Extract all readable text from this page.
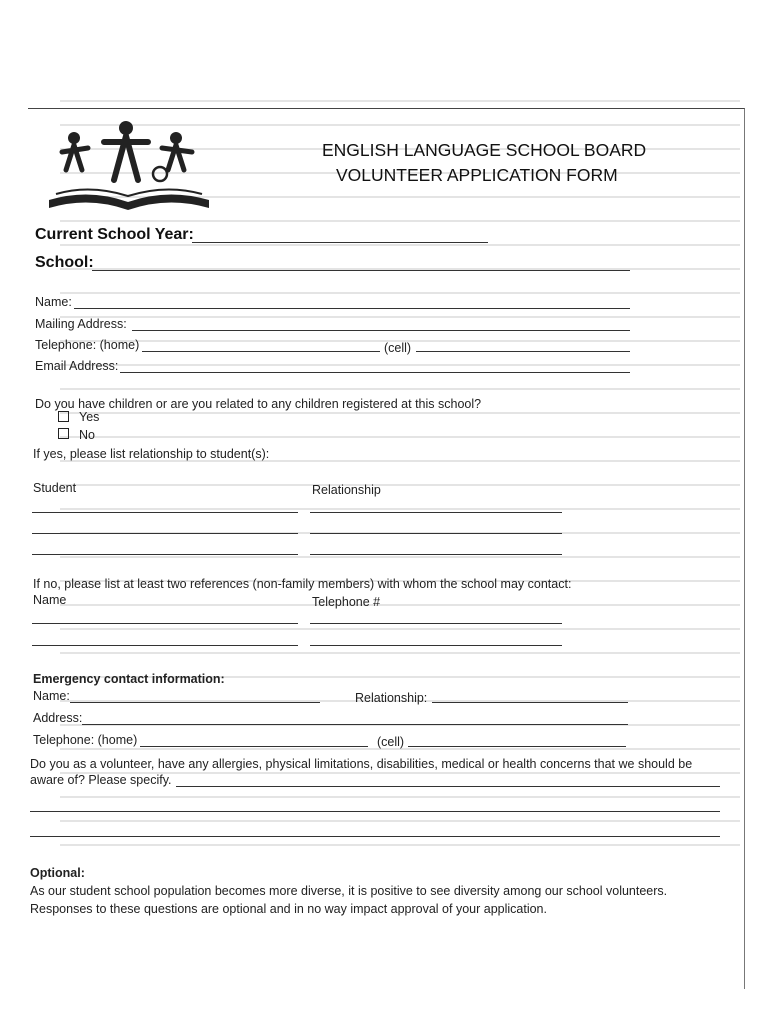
ENGLISH LANGUAGE SCHOOL BOARD
VOLUNTEER APPLICATION FORM
Current School Year:
School:
Name:
Mailing Address:
Telephone: (home)	(cell)
Email Address:
Do you have children or are you related to any children registered at this school?
Yes
No
If yes, please list relationship to student(s):
Student	Relationship
If no, please list at least two references (non-family members) with whom the school may contact:
Name	Telephone #
Emergency contact information:
Name:	Relationship:
Address:
Telephone: (home)	(cell)
Do you as a volunteer, have any allergies, physical limitations, disabilities, medical or health concerns that we should be
aware of? Please specify.
Optional:
As our student school population becomes more diverse, it is positive to see diversity among our school volunteers.
Responses to these questions are optional and in no way impact approval of your application.
